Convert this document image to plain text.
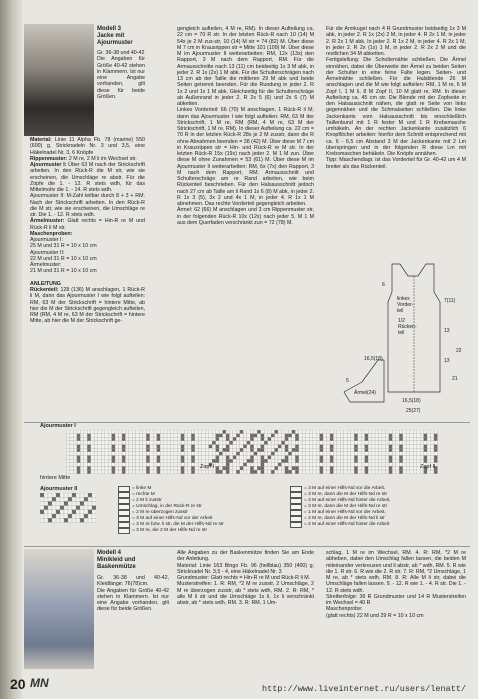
Modell 3
Jacke mit
Ajourmuster

Gr. 36-38 und 40-42

Die Angaben für Größe 40-42 stehen in Klammern. Ist nur eine Angabe vorhanden, gilt diese für beide Größen.

Material: Linie 11 Alpha Fb. 78 (marine) 550 (600) g, Stricknadeln Nr. 3 und 3,5, eine Häkelnadel Nr. 3, 6 Knöpfe
Rippenmuster: 2 M re, 2 M li im Wechsel str.
Ajourmuster I: Über 63 M nach der Strickschrift arbeiten. In den Rück-R die M str, wie sie erscheinen, die Umschläge re abstr. Für die Zöpfe die 1. - 12. R stets wdh, für das Mittelmotiv die 1. - 14. R stets wdh.
Ajourmuster II: M-Zahl teilbar durch 8 + 3 + RM. Nach der Strickschrift arbeiten. In den Rück-R die M str, wie sie erscheinen, die Umschläge re str. Die 1. - 12. R stets wdh.
Ärmelmuster: Glatt rechts = Hin-R re M und Rück-R li M str.
Maschenproben:
Ajourmuster I:
25 M und 31 R = 10 x 10 cm
Ajourmuster II:
22 M und 31 R = 10 x 10 cm
Ärmelmuster:
21 M und 31 R = 10 x 10 cm

ANLEITUNG
Rückenteil: 128 (136) M anschlagen, 1 Rück-R li M, dann das Ajourmuster I wie folgt aufteilen: RM, 63 M der Strickschrift = hintere Mitte, ab hier die M der Strickschrift gegengleich aufteilen, RM (RM, 4 M re, 63 M der Strickschrift = hintere Mitte, ab hier die M der Strickschrift ge-

gengleich aufteilen, 4 M re, RM). In dieser Aufteilung ca. 22 cm = 70 R str. In der letzten Rück-R nach 10 (14) M 54x je 2 M zus-str, 10 (14) M str = 74 (82) M. Über diese M 7 cm in Krausrippen str = Mitte 101 (109) M. Über diese M im Ajourmuster II weiterarbeiten: RM, 12x (13x) den Rapport, 3 M nach dem Rapport, RM. Für die Armausschnitte nach 13 (11) cm beidseitig 1x 3 M abk, in jeder 2. R 1x (2x) 1 M abk. Für die Schulterschrägen nach 13 cm ab der Taille die mittleren 29 M abk und beide Seiten getrennt beenden. Für die Rundung in jeder 2. R 1x 2 und 1x 1 M abk. Gleichzeitig für die Schulterschräge ab Außenrand in jeder 2. R 2x 5 (6) und 2x 6 (7) M abketten.

Linkes Vorderteil: 66 (70) M anschlagen, 1 Rück-R li M, dann das Ajourmuster I wie folgt aufteilen: RM, 63 M der Strickschrift, 1 M re, RM (RM, 4 M re, 63 M der Strickschrift, 1 M re, RM). In dieser Aufteilung ca. 22 cm = 70 R in der letzten Rück-R 28x je 2 M zusstr, dann die R ohne Abnahmen beenden = 38 (42) M. Über diese M 7 cm in Krausrippen str = Hin- und Rück-R re M str. In der letzten Rück-R 15x (19x) nach jeder 2. M 1 M zun. Über diese M ohne Zunahmen = 53 (61) M. Über diese M im Ajourmuster II weiterarbeiten: RM, 6x (7x) den Rapport, 3 M nach dem Rapport, RM. Armausschnitt und Schulterschräge am re Rand arbeiten, wie beim Rückenteil beschrieben. Für den Halsausschnitt jedoch nach 27 cm ab Taille am li Rand 1x 6 (8) M abk, in jeder 2. R 1x 3 (5), 3x 2 und 4x 1 M, in jeder 4. R 1x 1 M abnehmen. Das rechte Vorderteil gegengleich arbeiten.

Ärmel: 62 (66) M anschlagen und 3 cm Rippenmuster str, in der folgenden Rück-R 10x (12x) nach jeder 5. M 1 M aus dem Querfaden verschränkt zun = 72 (78) M.

Für die Armkugel nach 4 R Grundmuster beidseitig 1x 3 M abk, in jeder 2. R 1x (2x) 2 M, in jeder 4. R 2x 1 M, in jeder 2. R 2x 1 M abk. In jeder 2. R 1x 2 M, in jeder 4. R 2x 1 M, in jeder 2. R 2x (1x) 1 M, in jeder 2. R 2x 2 M und die restlichen 34 M abketten.

Fertigstellung: Die Schulternähte schließen. Die Ärmel einnähen, dabei die Überweite der Ärmel zu beiden Seiten der Schulter in eine feine Falte legen. Seiten- und Ärmelnähte schließen. Für die Halsblende 26 M anschlagen und die M wie folgt aufteilen: RM, 1 M re, 6 M Zopf I, 1 M li, 8 M Zopf II, 10 M glatt re, RM. In dieser Aufteilung ca. 45 cm str. Die Blende mit der Zopfseite in den Halsausschnitt nähen, die glatt re Seite von links gegennähen und die Schmalseiten schließen. Die linke Jackenkante vom Halsausschnitt bis einschließlich Taillenbund mit 1 R fester M und 1 R Krebsmasche umhäkeln. An der rechten Jackenkante zusätzlich 6 Knopflöcher arbeiten: hierfür dem Schnitt entsprechend mit ca. 6 - 6,5 cm Abstand 3 M der Jackenkante mit 2 Lm überspringen und in der folgenden R diese Lm mit Krebsmaschen behäkeln. Die Knöpfe annähen.

Tipp: Maschendiagr. ist das Vorderteil für Gr. 40-42 um 4 M breiter als das Rückenteil.

linkes
Vorder-
teil
1/2
Rücken-
teil
16,5(18)
6
13
13
7(11)
22
16,5(18)
Ärmel(24)
5
25(27)
21
Ajourmuster I
Zopf I	Zopf II
hintere Mitte
Ajourmuster II	= linke M
= rechte M
= 2 M li zusstr
= Umschlag, in der Rück-R re str
= 2 M re überzogen zusstr
= 3 M auf einer Hilfs-Nd vor der Arbeit
= 3 M re bzw. li str, die M der Hilfs-Nd re str
= 3 M re, die 2 M der Hilfs-Nd re str
= 3 M auf einer Hilfs-Nd vor die Arbeit,
= 3 M re, dann die M der Hilfs-Nd re str
= 3 M auf einer Hilfs-Nd hinter die Arbeit,
= 3 M re, dann die M der Hilfs-Nd re str
= 1 M auf einer Hilfs-Nd vor der Arbeit,
= 2 M re, dann die M der Hilfs-Nd li str
= 2 M auf einer Hilfs-Nd hinter die Arbeit
Modell 4
Minikleid und
Baskenmütze

Gr. 36-38 und 40-42, Kleidlänge: 76(78)cm.

Die Angaben für Größe 40-42 stehen in Klammern. Ist nur eine Angabe vorhanden, gilt diese für beide Größen.

Alle Angaben zu der Baskenmütze finden Sie am Ende der Anleitung.

Material: Linie 163 Bingo Fb. 96 (hellblau) 350 (400) g, Stricknadel Nr. 3,5 - 4, eine Häkelnadel Nr. 3

Grundmuster: Glatt rechts = Hin-R re M und Rück-R li M.

Musterstreifen: 1. R: RM, *2 M re zusstr, 2 Umschläge, 2 M re überzogen zusstr, ab * stets wdh, RM. 2. R: RM, * alle M li str und die Umschläge 1x li, 1x li verschränkt abstr, ab * stets wdh, RM. 3. R: RM, 1 Um-

schlag, 1 M re im Wechsel, RM. 4. R: RM, *2 M re abheben, dabei den Umschlag fallen lassen, die beiden M miteinander verkreuzen und li abstr, ab * wdh, RM. 5. R wie die 1. R str. 6. R wie die 2. R str. 7. R: RM, *2 Umschläge, 1 M re, ab * stets wdh, RM. 8. R: Alle M li str, dabei die Umschläge fallen lassen. 9. - 12. R wie 1. - 4. R str. Die 1. - 12. R stets wdh.

Streifenfolge: 36 R Grundmuster und 14 R Musterstreifen im Wechsel = 40 R

Maschenprobe:

(glatt rechts) 22 M und 29 R = 10 x 10 cm

20 MN	http://www.liveinternet.ru/users/lenatt/
